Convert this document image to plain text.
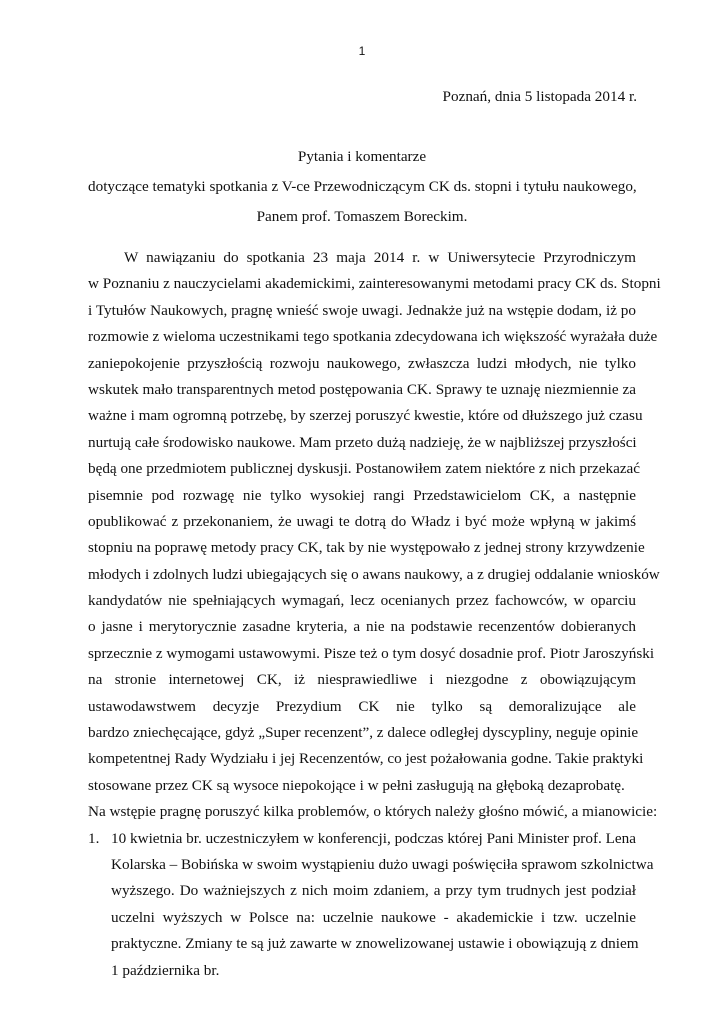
1
Poznań, dnia 5 listopada 2014 r.
Pytania i komentarze
dotyczące tematyki spotkania z V-ce Przewodniczącym CK ds. stopni i tytułu naukowego,
Panem prof. Tomaszem Boreckim.
W nawiązaniu do spotkania 23 maja 2014 r. w Uniwersytecie Przyrodniczym
w Poznaniu z nauczycielami akademickimi, zainteresowanymi metodami pracy CK ds. Stopni
i Tytułów Naukowych, pragnę wnieść swoje uwagi. Jednakże już na wstępie dodam, iż po
rozmowie z wieloma uczestnikami tego spotkania zdecydowana ich większość wyrażała duże
zaniepokojenie przyszłością rozwoju naukowego, zwłaszcza ludzi młodych, nie tylko
wskutek mało transparentnych metod postępowania CK. Sprawy te uznaję niezmiennie za
ważne i mam ogromną potrzebę, by szerzej poruszyć kwestie, które od dłuższego już czasu
nurtują całe środowisko naukowe. Mam przeto dużą nadzieję, że w najbliższej przyszłości
będą one przedmiotem publicznej dyskusji. Postanowiłem zatem niektóre z nich przekazać
pisemnie pod rozwagę nie tylko wysokiej rangi Przedstawicielom CK, a następnie
opublikować z przekonaniem, że uwagi te dotrą do Władz i być może wpłyną w jakimś
stopniu na poprawę metody pracy CK, tak by nie występowało z jednej strony krzywdzenie
młodych i zdolnych ludzi ubiegających się o awans naukowy, a z drugiej oddalanie wniosków
kandydatów nie spełniających wymagań, lecz ocenianych przez fachowców, w oparciu
o jasne i merytorycznie zasadne kryteria, a nie na podstawie recenzentów dobieranych
sprzecznie z wymogami ustawowymi. Pisze też o tym dosyć dosadnie prof. Piotr Jaroszyński
na stronie internetowej CK, iż niesprawiedliwe i niezgodne z obowiązującym
ustawodawstwem decyzje Prezydium CK nie tylko są demoralizujące ale
bardzo zniechęcające, gdyż „Super recenzent”, z dalece odległej dyscypliny, neguje opinie
kompetentnej Rady Wydziału i jej Recenzentów, co jest pożałowania godne. Takie praktyki
stosowane przez CK są wysoce niepokojące i w pełni zasługują na głęboką dezaprobatę.
Na wstępie pragnę poruszyć kilka problemów, o których należy głośno mówić, a mianowicie:
1. 10 kwietnia br. uczestniczyłem w konferencji, podczas której Pani Minister prof. Lena
Kolarska – Bobińska w swoim wystąpieniu dużo uwagi poświęciła sprawom szkolnictwa
wyższego. Do ważniejszych z nich moim zdaniem, a przy tym trudnych jest podział
uczelni wyższych w Polsce na: uczelnie naukowe - akademickie i tzw. uczelnie
praktyczne. Zmiany te są już zawarte w znowelizowanej ustawie i obowiązują z dniem
1 października br.
